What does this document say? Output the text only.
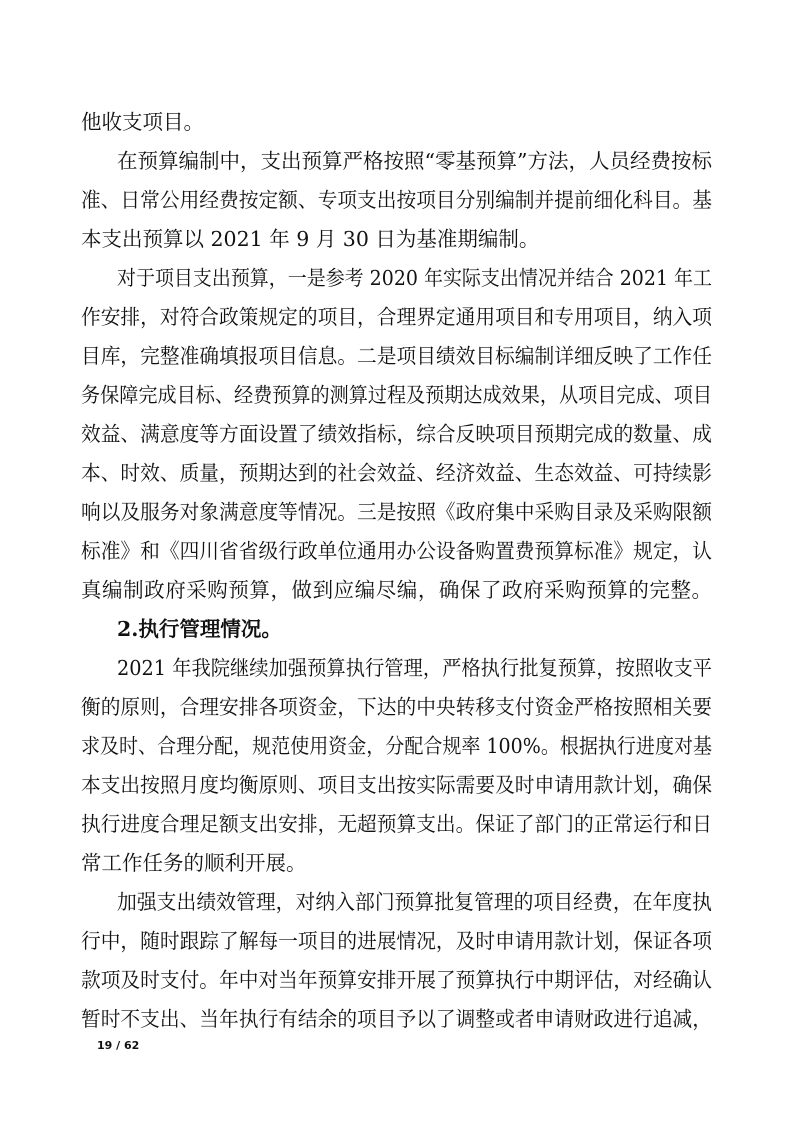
他收支项目。
在预算编制中，支出预算严格按照“零基预算”方法，人员经费按标
准、日常公用经费按定额、专项支出按项目分别编制并提前细化科目。基
本支出预算以 2021 年 9 月 30 日为基准期编制。
对于项目支出预算，一是参考 2020 年实际支出情况并结合 2021 年工
作安排，对符合政策规定的项目，合理界定通用项目和专用项目，纳入项
目库，完整准确填报项目信息。二是项目绩效目标编制详细反映了工作任
务保障完成目标、经费预算的测算过程及预期达成效果，从项目完成、项目
效益、满意度等方面设置了绩效指标，综合反映项目预期完成的数量、成
本、时效、质量，预期达到的社会效益、经济效益、生态效益、可持续影
响以及服务对象满意度等情况。三是按照《政府集中采购目录及采购限额
标准》和《四川省省级行政单位通用办公设备购置费预算标准》规定，认
真编制政府采购预算，做到应编尽编，确保了政府采购预算的完整。
2.执行管理情况。
2021 年我院继续加强预算执行管理，严格执行批复预算，按照收支平
衡的原则，合理安排各项资金，下达的中央转移支付资金严格按照相关要
求及时、合理分配，规范使用资金，分配合规率 100%。根据执行进度对基
本支出按照月度均衡原则、项目支出按实际需要及时申请用款计划，确保
执行进度合理足额支出安排，无超预算支出。保证了部门的正常运行和日
常工作任务的顺利开展。
加强支出绩效管理，对纳入部门预算批复管理的项目经费，在年度执
行中，随时跟踪了解每一项目的进展情况，及时申请用款计划，保证各项
款项及时支付。年中对当年预算安排开展了预算执行中期评估，对经确认
暂时不支出、当年执行有结余的项目予以了调整或者申请财政进行追减，
19 / 62
